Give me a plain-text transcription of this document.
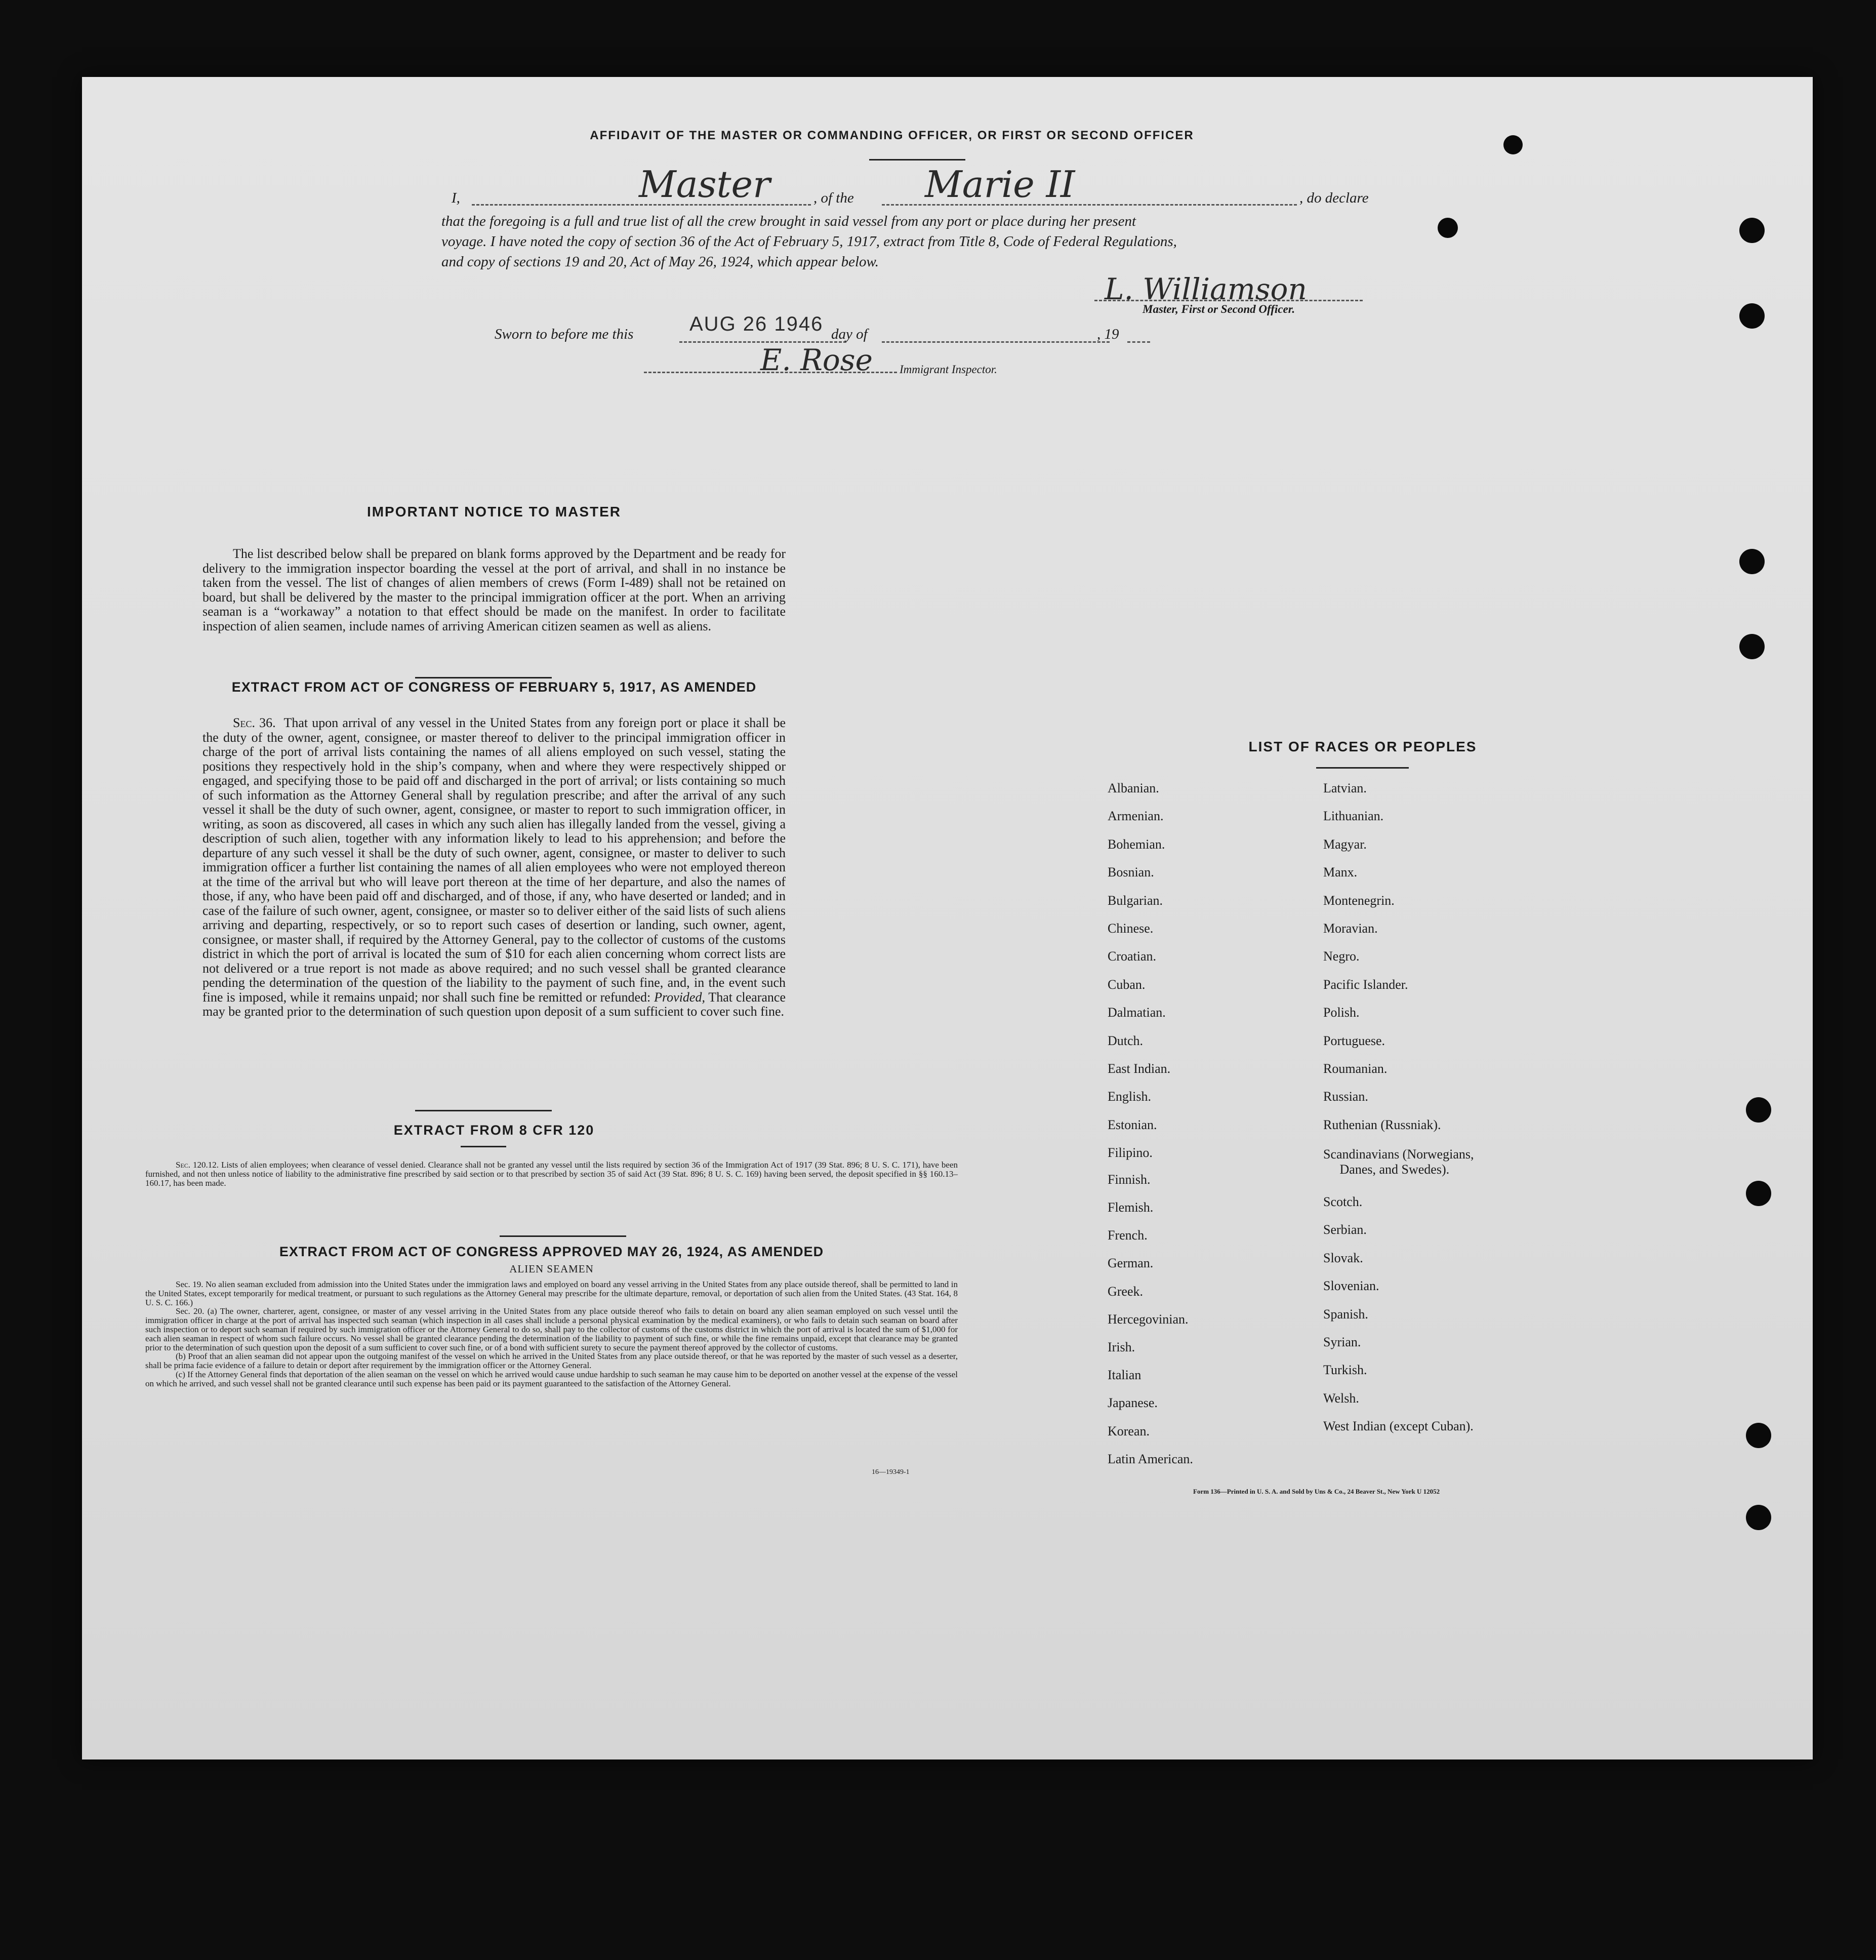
AFFIDAVIT OF THE MASTER OR COMMANDING OFFICER, OR FIRST OR SECOND OFFICER
I,	Master	, of the Marie II	, do declare
that the foregoing is a full and true list of all the crew brought in said vessel from any port or place during her present
voyage. I have noted the copy of section 36 of the Act of February 5, 1917, extract from Title 8, Code of Federal Regulations,
and copy of sections 19 and 20, Act of May 26, 1924, which appear below.
L. Williamson
Master, First or Second Officer.
Sworn to before me this	AUG 26 1946 day of	, 19
E. Rose Immigrant Inspector.
IMPORTANT NOTICE TO MASTER
The list described below shall be prepared on blank forms approved by the Department and be ready for delivery to the immigration inspector boarding the vessel at the port of arrival, and shall in no instance be taken from the vessel. The list of changes of alien members of crews (Form I-489) shall not be retained on board, but shall be delivered by the master to the principal immigration officer at the port. When an arriving seaman is a “workaway” a notation to that effect should be made on the manifest. In order to facilitate inspection of alien seamen, include names of arriving American citizen seamen as well as aliens.
EXTRACT FROM ACT OF CONGRESS OF FEBRUARY 5, 1917, AS AMENDED
Sec. 36. That upon arrival of any vessel in the United States from any foreign port or place it shall be the duty of the owner, agent, consignee, or master thereof to deliver to the principal immigration officer in charge of the port of arrival lists containing the names of all aliens employed on such vessel, stating the positions they respectively hold in the ship’s company, when and where they were respectively shipped or engaged, and specifying those to be paid off and discharged in the port of arrival; or lists containing so much of such information as the Attorney General shall by regulation prescribe; and after the arrival of any such vessel it shall be the duty of such owner, agent, consignee, or master to report to such immigration officer, in writing, as soon as discovered, all cases in which any such alien has illegally landed from the vessel, giving a description of such alien, together with any information likely to lead to his apprehension; and before the departure of any such vessel it shall be the duty of such owner, agent, consignee, or master to deliver to such immigration officer a further list containing the names of all alien employees who were not employed thereon at the time of the arrival but who will leave port thereon at the time of her departure, and also the names of those, if any, who have been paid off and discharged, and of those, if any, who have deserted or landed; and in case of the failure of such owner, agent, consignee, or master so to deliver either of the said lists of such aliens arriving and departing, respectively, or so to report such cases of desertion or landing, such owner, agent, consignee, or master shall, if required by the Attorney General, pay to the collector of customs of the customs district in which the port of arrival is located the sum of $10 for each alien concerning whom correct lists are not delivered or a true report is not made as above required; and no such vessel shall be granted clearance pending the determination of the question of the liability to the payment of such fine, and, in the event such fine is imposed, while it remains unpaid; nor shall such fine be remitted or refunded: Provided, That clearance may be granted prior to the determination of such question upon deposit of a sum sufficient to cover such fine.
EXTRACT FROM 8 CFR 120

Sec. 120.12. Lists of alien employees; when clearance of vessel denied. Clearance shall not be granted any vessel until the lists required by section 36 of the Immigration Act of 1917 (39 Stat. 896; 8 U. S. C. 171), have been furnished, and not then unless notice of liability to the administrative fine prescribed by said section or to that prescribed by section 35 of said Act (39 Stat. 896; 8 U. S. C. 169) having been served, the deposit specified in §§ 160.13–160.17, has been made.

EXTRACT FROM ACT OF CONGRESS APPROVED MAY 26, 1924, AS AMENDED
ALIEN SEAMEN

Sec. 19. No alien seaman excluded from admission into the United States under the immigration laws and employed on board any vessel arriving in the United States from any place outside thereof, shall be permitted to land in the United States, except temporarily for medical treatment, or pursuant to such regulations as the Attorney General may prescribe for the ultimate departure, removal, or deportation of such alien from the United States. (43 Stat. 164, 8 U. S. C. 166.)

Sec. 20. (a) The owner, charterer, agent, consignee, or master of any vessel arriving in the United States from any place outside thereof who fails to detain on board any alien seaman employed on such vessel until the immigration officer in charge at the port of arrival has inspected such seaman (which inspection in all cases shall include a personal physical examination by the medical examiners), or who fails to detain such seaman on board after such inspection or to deport such seaman if required by such immigration officer or the Attorney General to do so, shall pay to the collector of customs of the customs district in which the port of arrival is located the sum of $1,000 for each alien seaman in respect of whom such failure occurs. No vessel shall be granted clearance pending the determination of the liability to payment of such fine, or while the fine remains unpaid, except that clearance may be granted prior to the determination of such question upon the deposit of a sum sufficient to cover such fine, or of a bond with sufficient surety to secure the payment thereof approved by the collector of customs.

(b) Proof that an alien seaman did not appear upon the outgoing manifest of the vessel on which he arrived in the United States from any place outside thereof, or that he was reported by the master of such vessel as a deserter, shall be prima facie evidence of a failure to detain or deport after requirement by the immigration officer or the Attorney General.

(c) If the Attorney General finds that deportation of the alien seaman on the vessel on which he arrived would cause undue hardship to such seaman he may cause him to be deported on another vessel at the expense of the vessel on which he arrived, and such vessel shall not be granted clearance until such expense has been paid or its payment guaranteed to the satisfaction of the Attorney General.

16—19349-1
LIST OF RACES OR PEOPLES
Form 136—Printed in U. S. A. and Sold by Uns & Co., 24 Beaver St., New York U 12052
Albanian.
Armenian.
Bohemian.
Bosnian.
Bulgarian.
Chinese.
Croatian.
Cuban.
Dalmatian.
Dutch.
East Indian.
English.
Estonian.
Filipino.
Finnish.
Flemish.
French.
German.
Greek.
Hercegovinian.
Irish.
Italian
Japanese.
Korean.
Latin American.
Latvian.
Lithuanian.
Magyar.
Manx.
Montenegrin.
Moravian.
Negro.
Pacific Islander.
Polish.
Portuguese.
Roumanian.
Russian.
Ruthenian (Russniak).
Scandinavians (Norwegians,
Danes, and Swedes).
Scotch.
Serbian.
Slovak.
Slovenian.
Spanish.
Syrian.
Turkish.
Welsh.
West Indian (except Cuban).
